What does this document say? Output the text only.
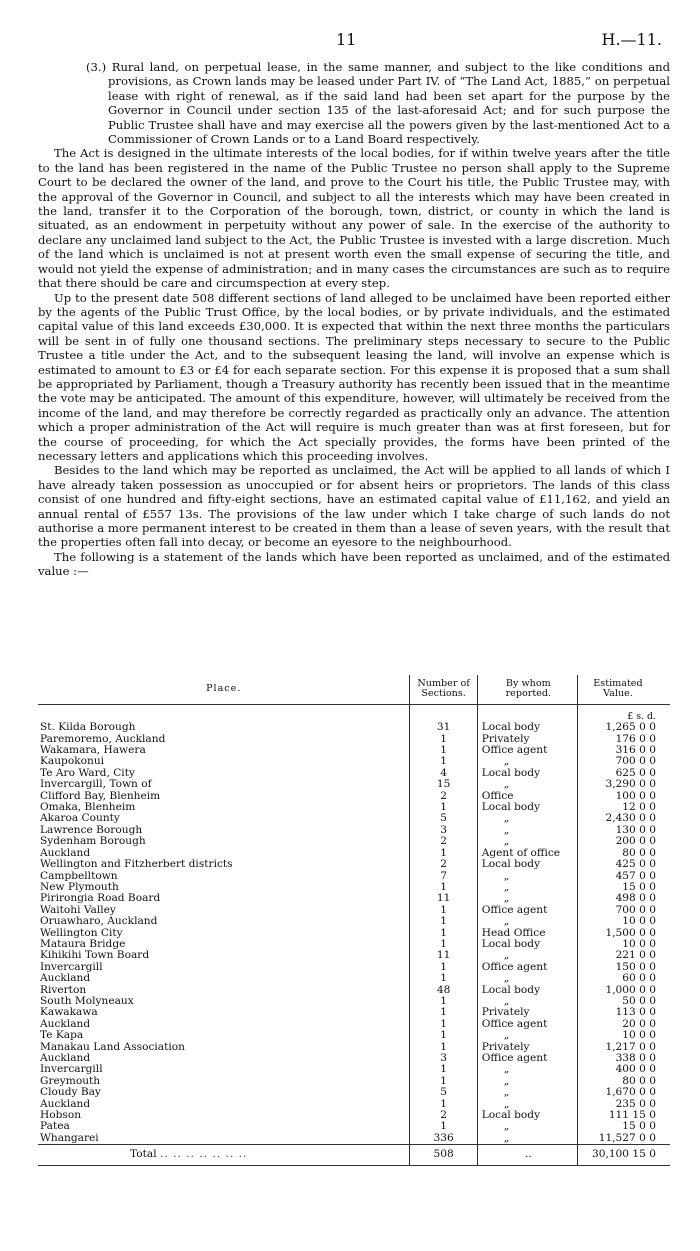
11	H.—11.

(3.) Rural land, on perpetual lease, in the same manner, and subject to the like conditions and provisions, as Crown lands may be leased under Part IV. of “The Land Act, 1885,” on perpetual lease with right of renewal, as if the said land had been set apart for the purpose by the Governor in Council under section 135 of the last-aforesaid Act; and for such purpose the Public Trustee shall have and may exercise all the powers given by the last-mentioned Act to a Commissioner of Crown Lands or to a Land Board respectively.

The Act is designed in the ultimate interests of the local bodies, for if within twelve years after the title to the land has been registered in the name of the Public Trustee no person shall apply to the Supreme Court to be declared the owner of the land, and prove to the Court his title, the Public Trustee may, with the approval of the Governor in Council, and subject to all the interests which may have been created in the land, transfer it to the Corporation of the borough, town, district, or county in which the land is situated, as an endowment in perpetuity without any power of sale. In the exercise of the authority to declare any unclaimed land subject to the Act, the Public Trustee is invested with a large discretion. Much of the land which is unclaimed is not at present worth even the small expense of securing the title, and would not yield the expense of administration; and in many cases the circumstances are such as to require that there should be care and circumspection at every step.

Up to the present date 508 different sections of land alleged to be unclaimed have been reported either by the agents of the Public Trust Office, by the local bodies, or by private individuals, and the estimated capital value of this land exceeds £30,000. It is expected that within the next three months the particulars will be sent in of fully one thousand sections. The preliminary steps necessary to secure to the Public Trustee a title under the Act, and to the subsequent leasing the land, will involve an expense which is estimated to amount to £3 or £4 for each separate section. For this expense it is proposed that a sum shall be appropriated by Parliament, though a Treasury authority has recently been issued that in the meantime the vote may be anticipated. The amount of this expenditure, however, will ultimately be received from the income of the land, and may therefore be correctly regarded as practically only an advance. The attention which a proper administration of the Act will require is much greater than was at first foreseen, but for the course of proceeding, for which the Act specially provides, the forms have been printed of the necessary letters and applications which this proceeding involves.

Besides to the land which may be reported as unclaimed, the Act will be applied to all lands of which I have already taken possession as unoccupied or for absent heirs or proprietors. The lands of this class consist of one hundred and fifty-eight sections, have an estimated capital value of £11,162, and yield an annual rental of £557 13s. The provisions of the law under which I take charge of such lands do not authorise a more permanent interest to be created in them than a lease of seven years, with the result that the properties often fall into decay, or become an eyesore to the neighbourhood.

The following is a statement of the lands which have been reported as unclaimed, and of the estimated value :—

Place.	Number of Sections.	By whom reported.	Estimated Value.
			£ s. d.
St. Kilda Borough	31	Local body	1,265 0 0
Paremoremo, Auckland	1	Privately	176 0 0
Wakamara, Hawera	1	Office agent	316 0 0
Kaupokonui	1	„	700 0 0
Te Aro Ward, City	4	Local body	625 0 0
Invercargill, Town of	15	„	3,290 0 0
Clifford Bay, Blenheim	2	Office	100 0 0
Omaka, Blenheim	1	Local body	12 0 0
Akaroa County	5	„	2,430 0 0
Lawrence Borough	3	„	130 0 0
Sydenham Borough	2	„	200 0 0
Auckland	1	Agent of office	80 0 0
Wellington and Fitzherbert districts	2	Local body	425 0 0
Campbelltown	7	„	457 0 0
New Plymouth	1	„	15 0 0
Pirirongia Road Board	11	„	498 0 0
Waitohi Valley	1	Office agent	700 0 0
Oruawharo, Auckland	1	„	10 0 0
Wellington City	1	Head Office	1,500 0 0
Mataura Bridge	1	Local body	10 0 0
Kihikihi Town Board	11	„	221 0 0
Invercargill	1	Office agent	150 0 0
Auckland	1	„	60 0 0
Riverton	48	Local body	1,000 0 0
South Molyneaux	1	„	50 0 0
Kawakawa	1	Privately	113 0 0
Auckland	1	Office agent	20 0 0
Te Kapa	1	„	10 0 0
Manakau Land Association	1	Privately	1,217 0 0
Auckland	3	Office agent	338 0 0
Invercargill	1	„	400 0 0
Greymouth	1	„	80 0 0
Cloudy Bay	5	„	1,670 0 0
Auckland	1	„	235 0 0
Hobson	2	Local body	111 15 0
Patea	1	„	15 0 0
Whangarei	336	„	11,527 0 0
Total .. .. .. .. .. .. ..	508	..	30,100 15 0
